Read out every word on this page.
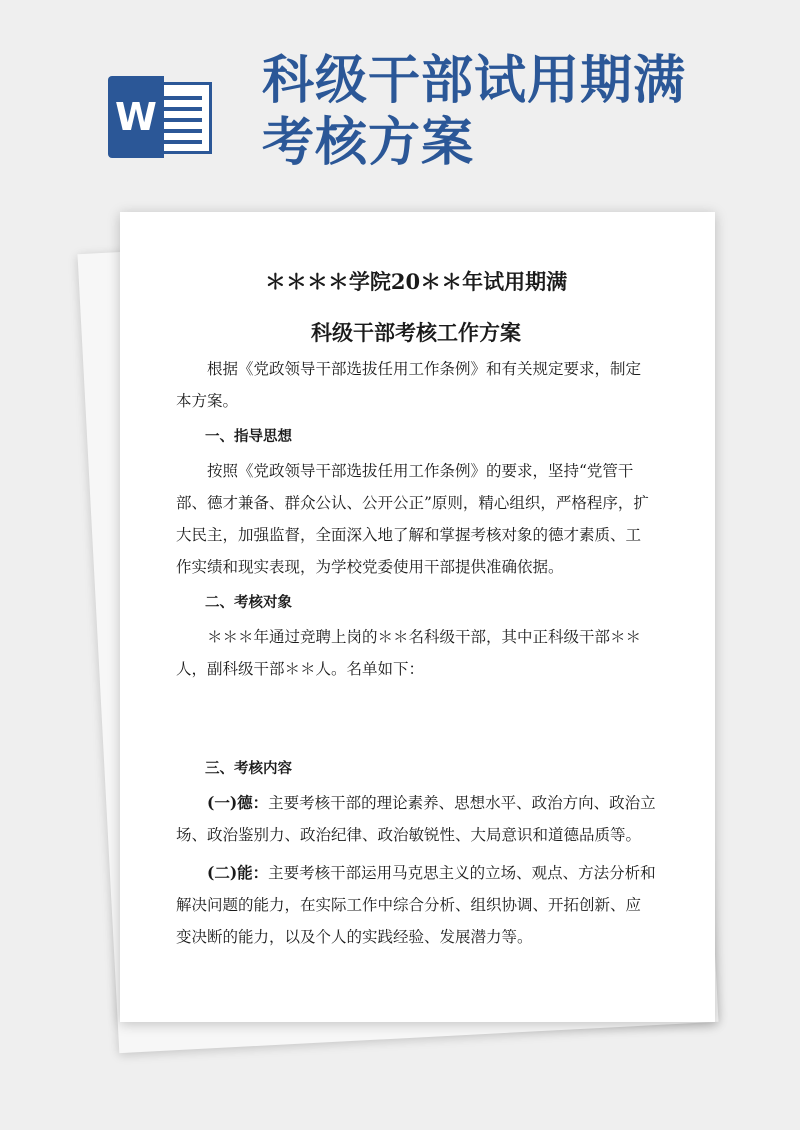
W
科级干部试用期满
考核方案
＊＊＊＊学院20＊＊年试用期满
科级干部考核工作方案

根据《党政领导干部选拔任用工作条例》和有关规定要求，制定本方案。

一、指导思想

按照《党政领导干部选拔任用工作条例》的要求，坚持“党管干部、德才兼备、群众公认、公开公正”原则，精心组织，严格程序，扩大民主，加强监督，全面深入地了解和掌握考核对象的德才素质、工作实绩和现实表现，为学校党委使用干部提供准确依据。

二、考核对象

＊＊＊年通过竞聘上岗的＊＊名科级干部，其中正科级干部＊＊人，副科级干部＊＊人。名单如下：

三、考核内容

(一)德：主要考核干部的理论素养、思想水平、政治方向、政治立场、政治鉴别力、政治纪律、政治敏锐性、大局意识和道德品质等。

(二)能：主要考核干部运用马克思主义的立场、观点、方法分析和解决问题的能力，在实际工作中综合分析、组织协调、开拓创新、应变决断的能力，以及个人的实践经验、发展潜力等。
